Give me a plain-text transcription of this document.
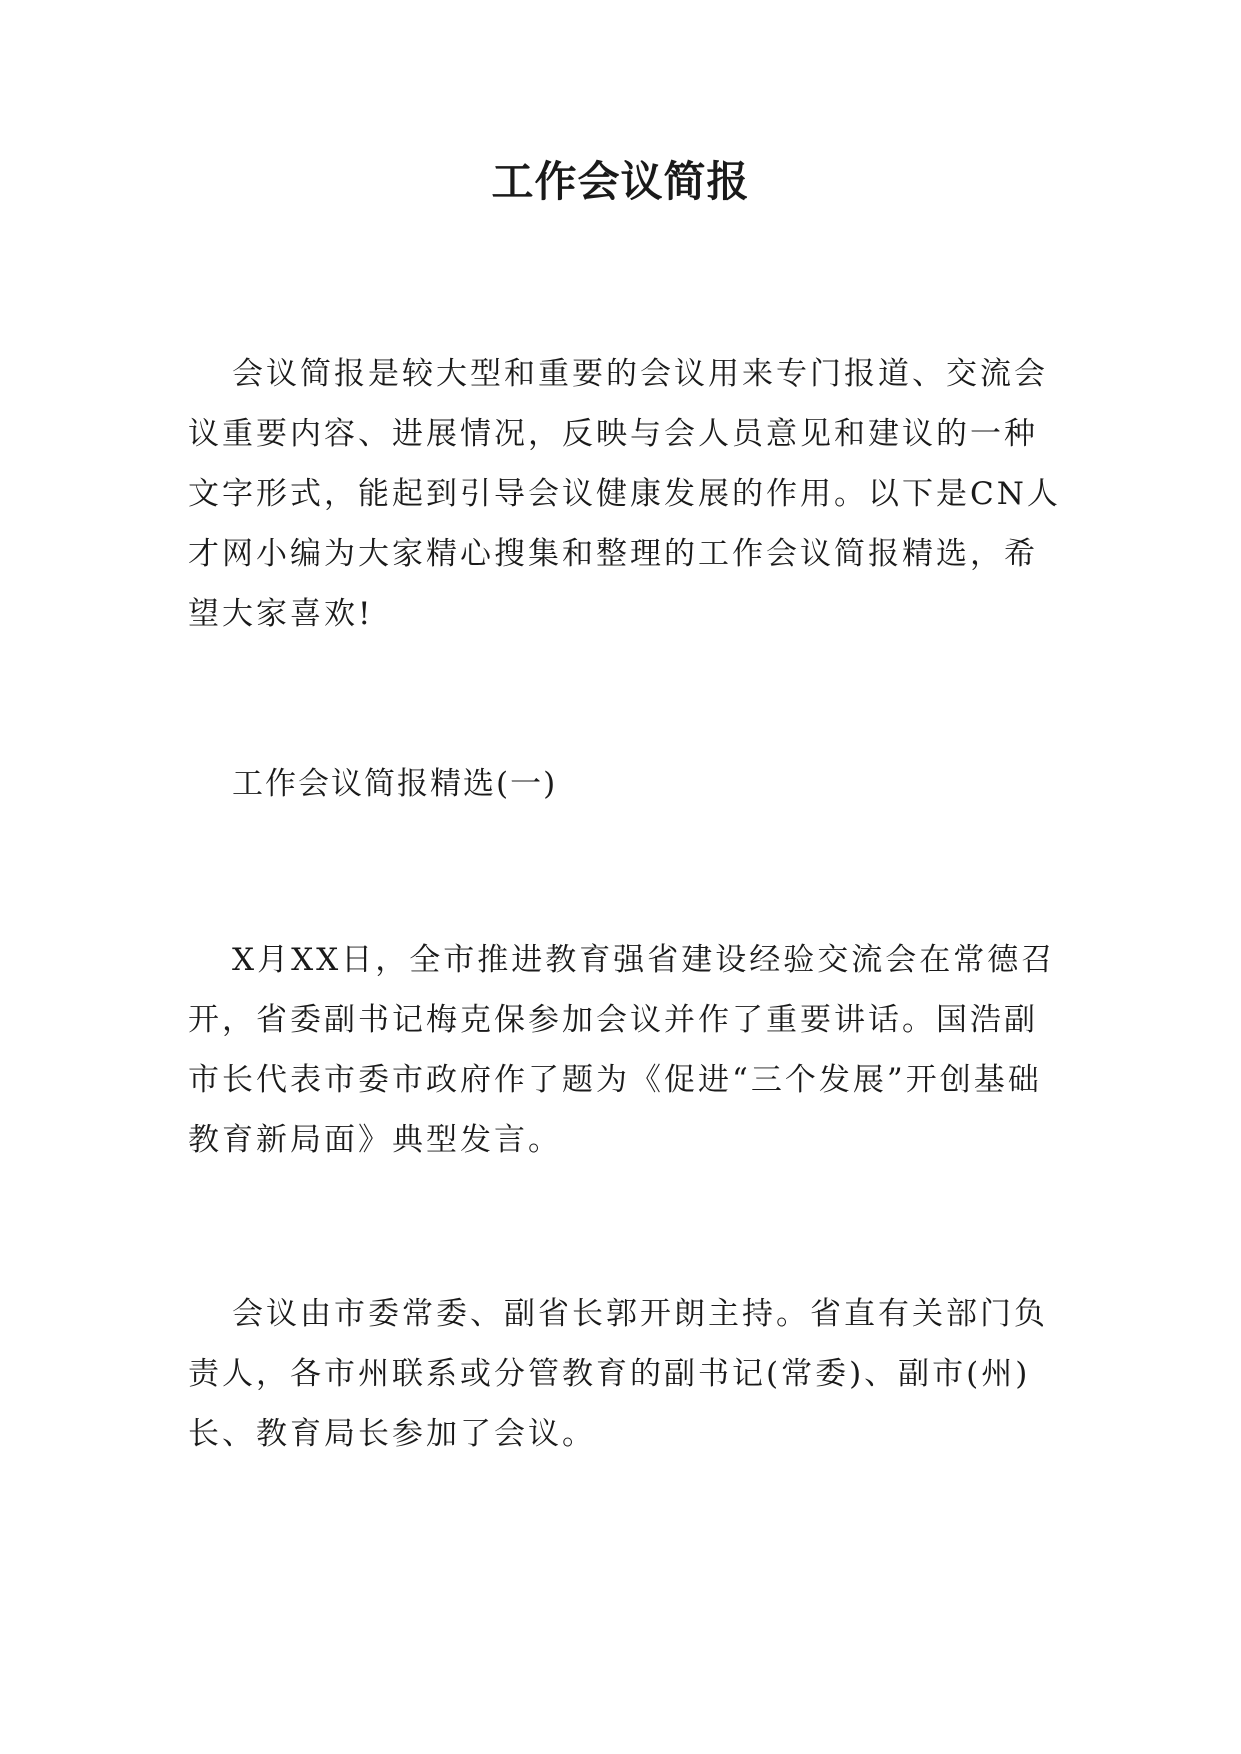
工作会议简报

会议简报是较大型和重要的会议用来专门报道、交流会议重要内容、进展情况，反映与会人员意见和建议的一种文字形式，能起到引导会议健康发展的作用。以下是CN人才网小编为大家精心搜集和整理的工作会议简报精选，希望大家喜欢!

工作会议简报精选(一)

X月XX日，全市推进教育强省建设经验交流会在常德召开，省委副书记梅克保参加会议并作了重要讲话。国浩副市长代表市委市政府作了题为《促进“三个发展”开创基础教育新局面》典型发言。

会议由市委常委、副省长郭开朗主持。省直有关部门负责人，各市州联系或分管教育的副书记(常委)、副市(州)长、教育局长参加了会议。
